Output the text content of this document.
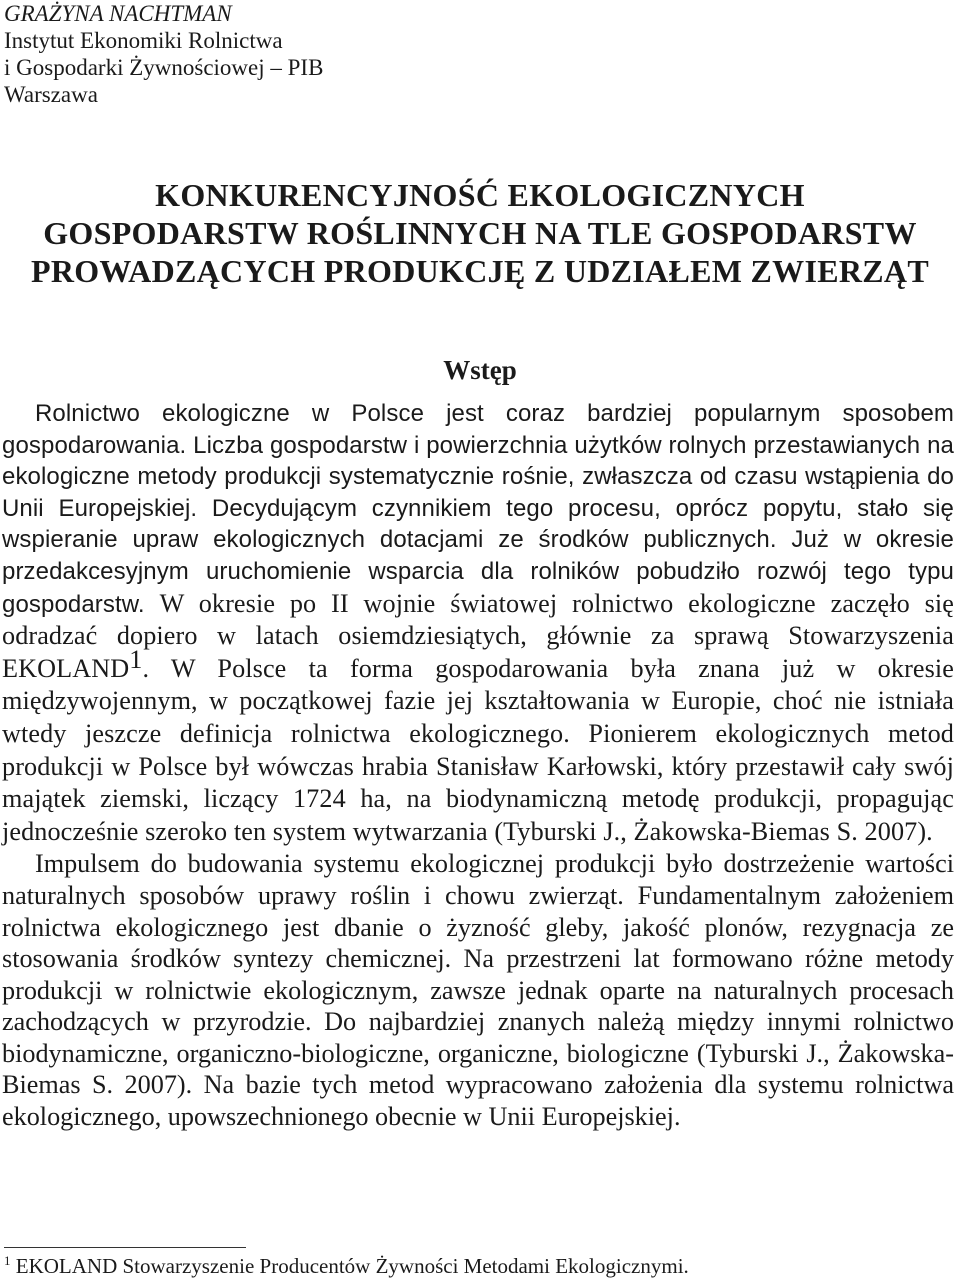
GRAŻYNA NACHTMAN
Instytut Ekonomiki Rolnictwa
i Gospodarki Żywnościowej – PIB
Warszawa
KONKURENCYJNOŚĆ EKOLOGICZNYCH
GOSPODARSTW ROŚLINNYCH NA TLE GOSPODARSTW
PROWADZĄCYCH PRODUKCJĘ Z UDZIAŁEM ZWIERZĄT
Wstęp

Rolnictwo ekologiczne w Polsce jest coraz bardziej popularnym sposobem gospodarowania. Liczba gospodarstw i powierzchnia użytków rolnych przestawianych na ekologiczne metody produkcji systematycznie rośnie, zwłaszcza od czasu wstąpienia do Unii Europejskiej. Decydującym czynnikiem tego procesu, oprócz popytu, stało się wspieranie upraw ekologicznych dotacjami ze środków publicznych. Już w okresie przedakcesyjnym uruchomienie wsparcia dla rolników pobudziło rozwój tego typu gospodarstw. W okresie po II wojnie światowej rolnictwo ekologiczne zaczęło się odradzać dopiero w latach osiemdziesiątych, głównie za sprawą Stowarzyszenia EKOLAND$^1$. W Polsce ta forma gospodarowania była znana już w okresie międzywojennym, w początkowej fazie jej kształtowania w Europie, choć nie istniała wtedy jeszcze definicja rolnictwa ekologicznego. Pionierem ekologicznych metod produkcji w Polsce był wówczas hrabia Stanisław Karłowski, który przestawił cały swój majątek ziemski, liczący 1724 ha, na biodynamiczną metodę produkcji, propagując jednocześnie szeroko ten system wytwarzania (Tyburski J., Żakowska-Biemas S. 2007).

Impulsem do budowania systemu ekologicznej produkcji było dostrzeżenie wartości naturalnych sposobów uprawy roślin i chowu zwierząt. Fundamentalnym założeniem rolnictwa ekologicznego jest dbanie o żyzność gleby, jakość plonów, rezygnacja ze stosowania środków syntezy chemicznej. Na przestrzeni lat formowano różne metody produkcji w rolnictwie ekologicznym, zawsze jednak oparte na naturalnych procesach zachodzących w przyrodzie. Do najbardziej znanych należą między innymi rolnictwo biodynamiczne, organiczno-biologiczne, organiczne, biologiczne (Tyburski J., Żakowska-Biemas S. 2007). Na bazie tych metod wypracowano założenia dla systemu rolnictwa ekologicznego, upowszechnionego obecnie w Unii Europejskiej.

$^1$ EKOLAND Stowarzyszenie Producentów Żywności Metodami Ekologicznymi.
